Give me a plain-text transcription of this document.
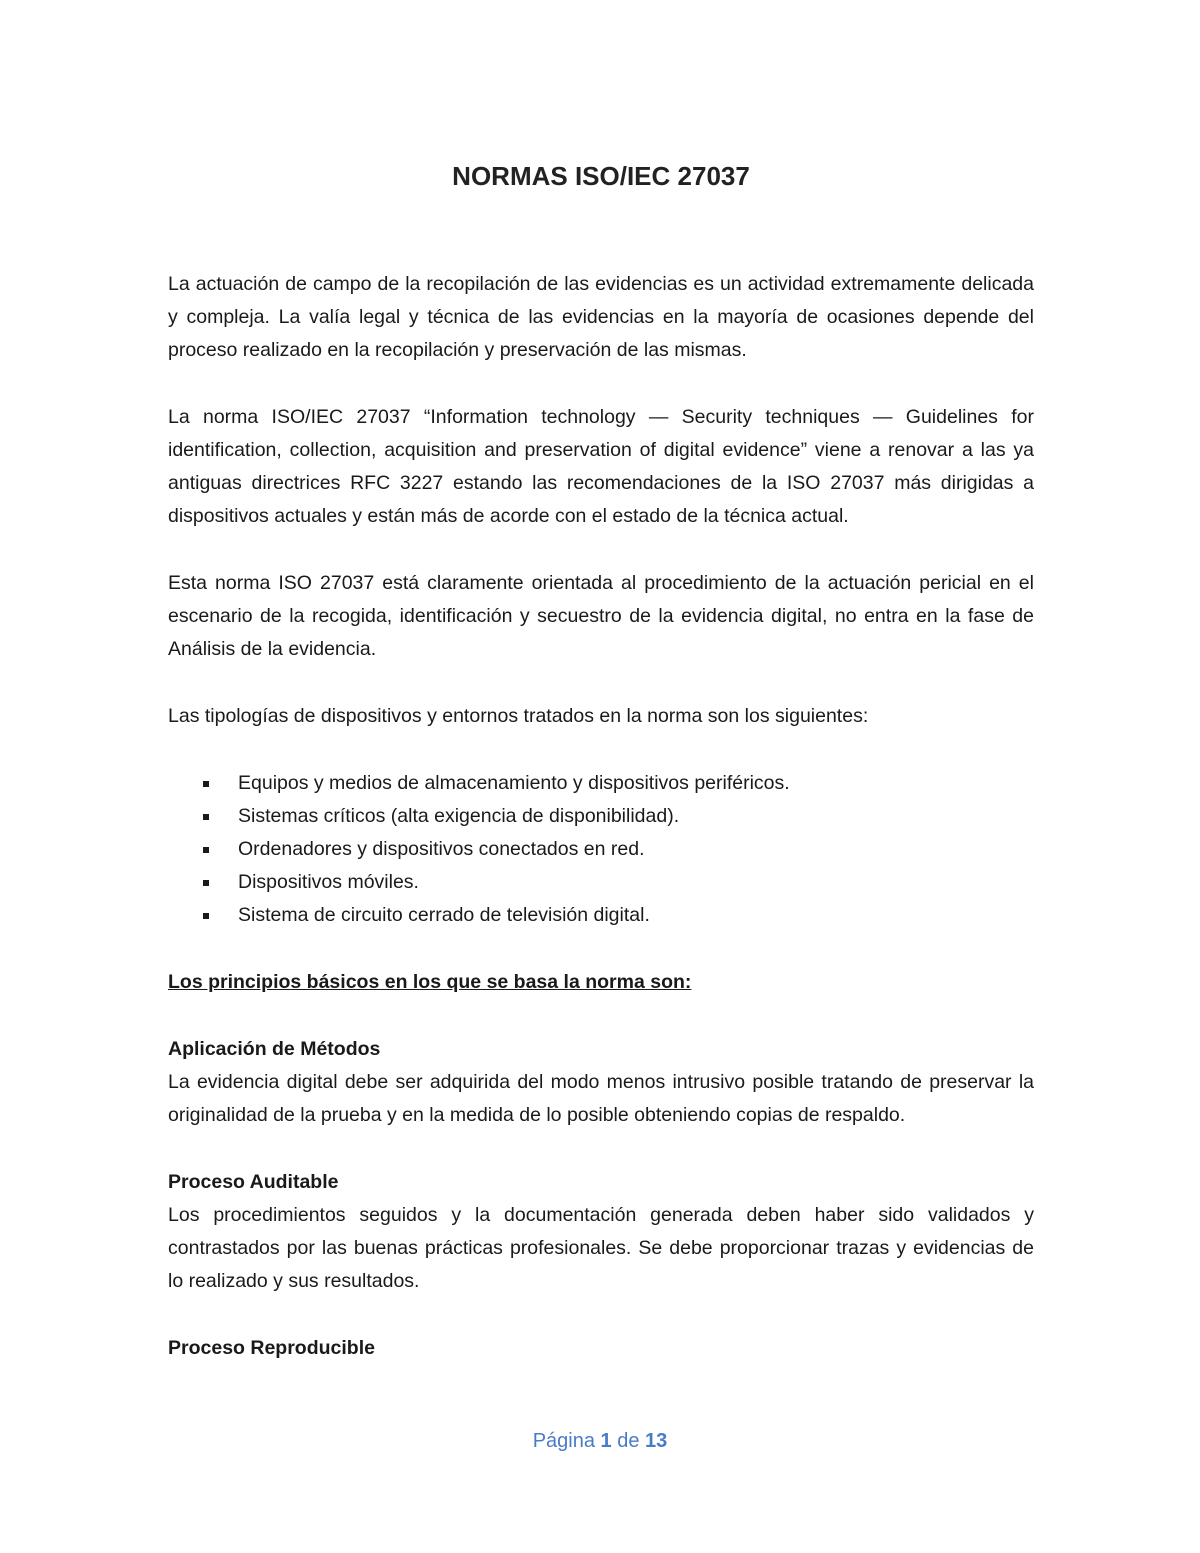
NORMAS ISO/IEC 27037

La actuación de campo de la recopilación de las evidencias es un actividad extremamente delicada y compleja. La valía legal y técnica de las evidencias en la mayoría de ocasiones depende del proceso realizado en la recopilación y preservación de las mismas.

La norma ISO/IEC 27037 “Information technology — Security techniques — Guidelines for identification, collection, acquisition and preservation of digital evidence” viene a renovar a las ya antiguas directrices RFC 3227 estando las recomendaciones de la ISO 27037 más dirigidas a dispositivos actuales y están más de acorde con el estado de la técnica actual.

Esta norma ISO 27037 está claramente orientada al procedimiento de la actuación pericial en el escenario de la recogida, identificación y secuestro de la evidencia digital, no entra en la fase de Análisis de la evidencia.

Las tipologías de dispositivos y entornos tratados en la norma son los siguientes:

Equipos y medios de almacenamiento y dispositivos periféricos.
Sistemas críticos (alta exigencia de disponibilidad).
Ordenadores y dispositivos conectados en red.
Dispositivos móviles.
Sistema de circuito cerrado de televisión digital.
Los principios básicos en los que se basa la norma son:
Aplicación de Métodos
La evidencia digital debe ser adquirida del modo menos intrusivo posible tratando de preservar la originalidad de la prueba y en la medida de lo posible obteniendo copias de respaldo.
Proceso Auditable
Los procedimientos seguidos y la documentación generada deben haber sido validados y contrastados por las buenas prácticas profesionales. Se debe proporcionar trazas y evidencias de lo realizado y sus resultados.
Proceso Reproducible
Página 1 de 13
